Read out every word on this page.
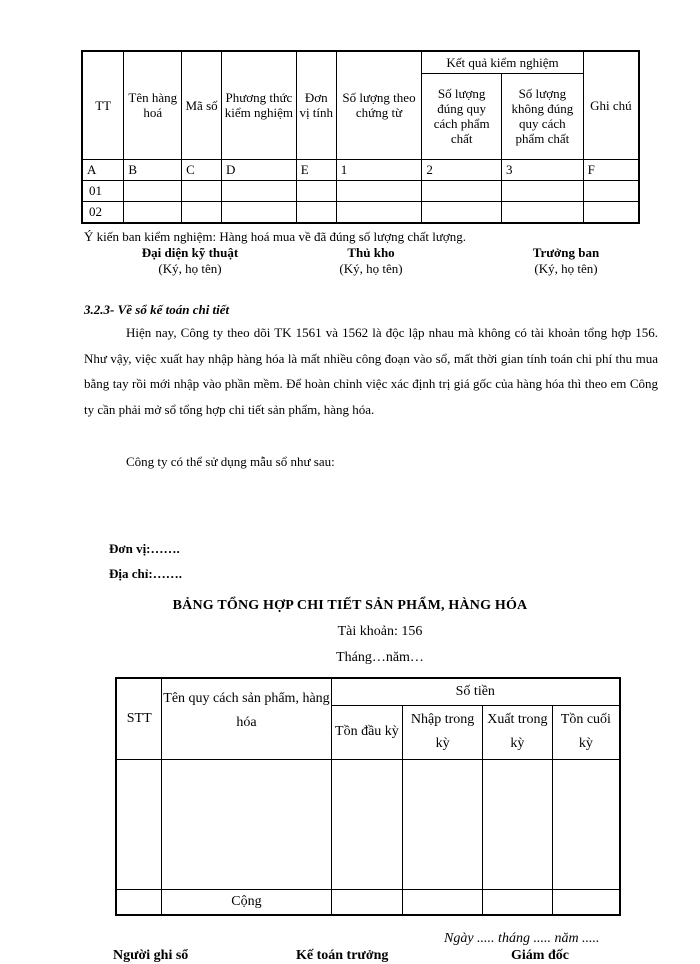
TT	Tên hàng hoá	Mã số	Phương thức kiểm nghiệm	Đơn vị tính	Số lượng theo chứng từ	Kết quả kiểm nghiệm		Ghi chú
						Số lượng đúng quy cách phẩm chất	Số lượng không đúng quy cách phẩm chất	
A	B	C	D	E	1	2	3	F
01								
02								
Ý kiến ban kiểm nghiệm: Hàng hoá mua về đã đúng số lượng chất lượng.
Đại diện kỹ thuật
(Ký, họ tên)
Thủ kho
(Ký, họ tên)
Trưởng ban
(Ký, họ tên)
3.2.3- Về sổ kế toán chi tiết
Hiện nay, Công ty theo dõi TK 1561 và 1562 là độc lập nhau mà không có tài khoản tổng hợp 156. Như vậy, việc xuất hay nhập hàng hóa là mất nhiều công đoạn vào sổ, mất thời gian tính toán chi phí thu mua bằng tay rồi mới nhập vào phần mềm. Để hoàn chỉnh việc xác định trị giá gốc của hàng hóa thì theo em Công ty cần phải mở sổ tổng hợp chi tiết sản phẩm, hàng hóa.
Công ty có thể sử dụng mẫu sổ như sau:
Đơn vị:…….
Địa chỉ:…….
BẢNG TỔNG HỢP CHI TIẾT SẢN PHẨM, HÀNG HÓA
Tài khoản: 156
Tháng…năm…
STT	Tên quy cách sản phẩm, hàng hóa	Số tiền			
		Tồn đầu kỳ	Nhập trong kỳ	Xuất trong kỳ	Tồn cuối kỳ

	Cộng				
Ngày ..... tháng ..... năm .....
Người ghi sổ	Kế toán trưởng	Giám đốc
